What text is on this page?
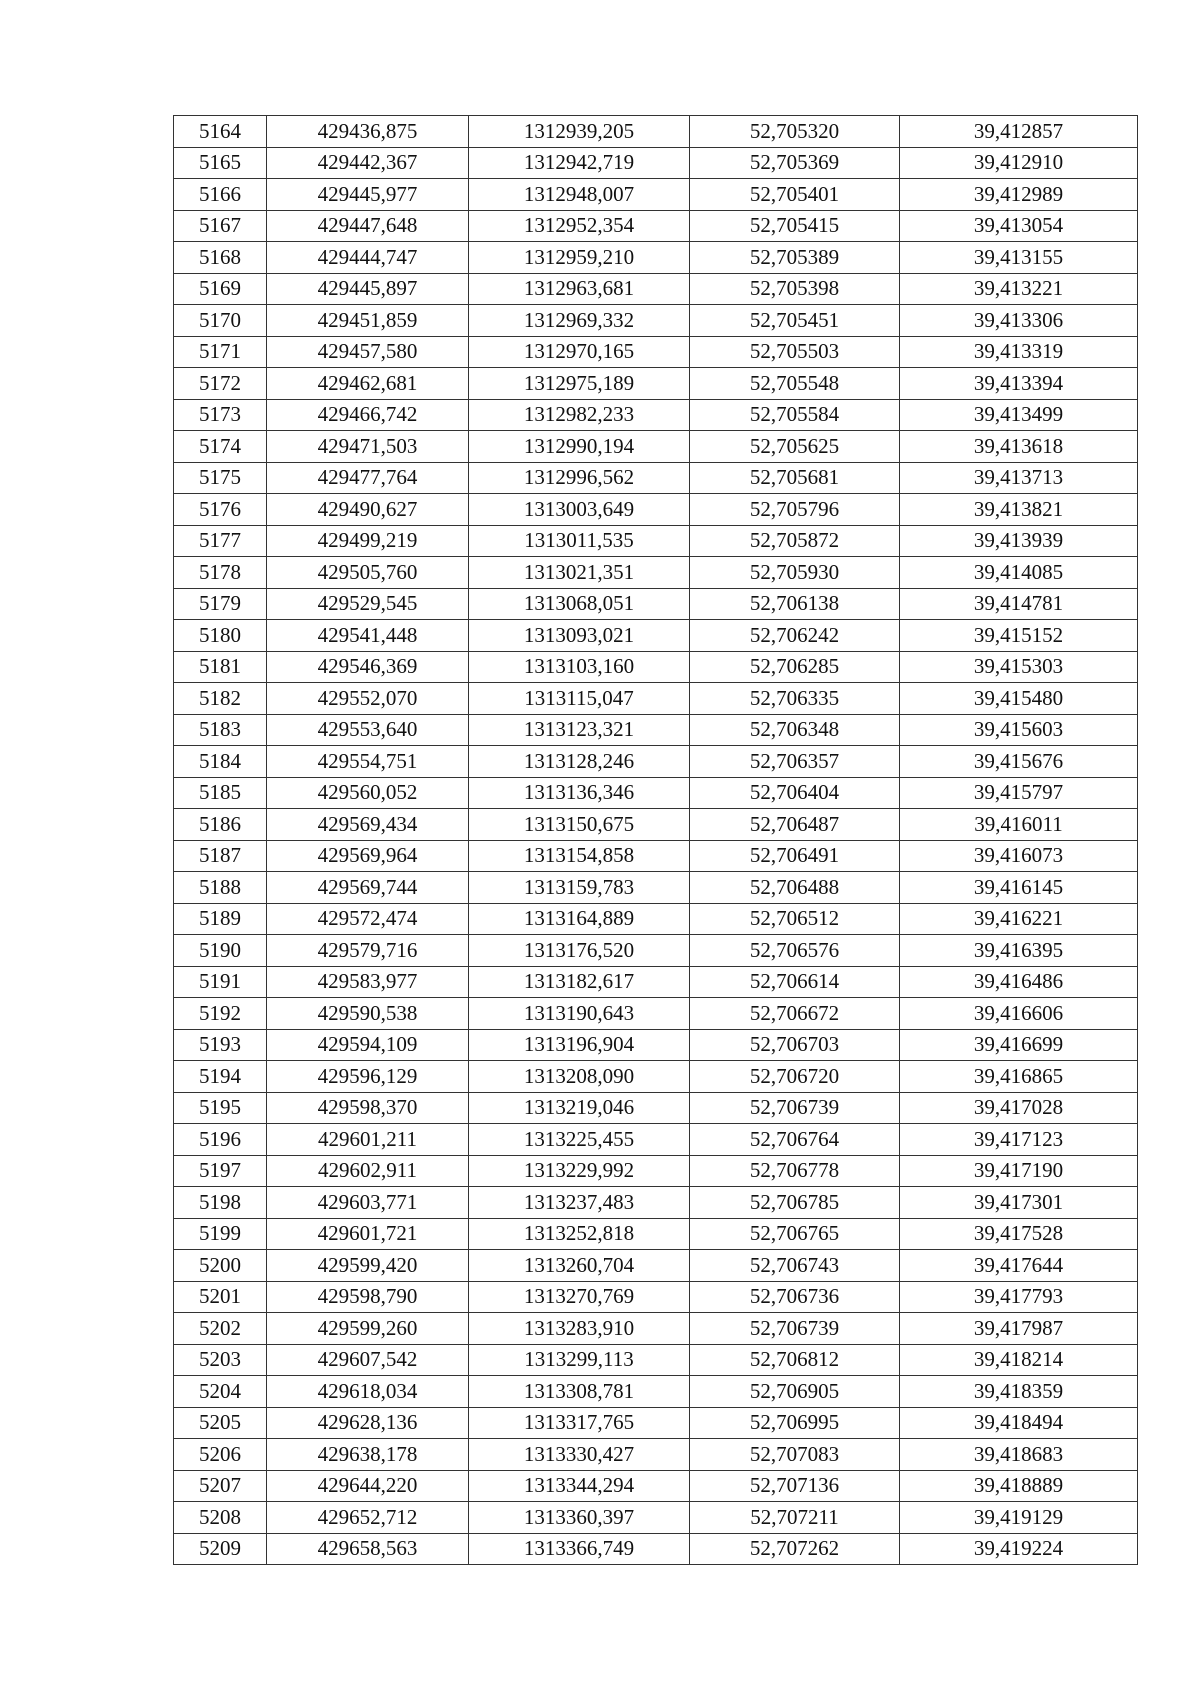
5164	429436,875	1312939,205	52,705320	39,412857
5165	429442,367	1312942,719	52,705369	39,412910
5166	429445,977	1312948,007	52,705401	39,412989
5167	429447,648	1312952,354	52,705415	39,413054
5168	429444,747	1312959,210	52,705389	39,413155
5169	429445,897	1312963,681	52,705398	39,413221
5170	429451,859	1312969,332	52,705451	39,413306
5171	429457,580	1312970,165	52,705503	39,413319
5172	429462,681	1312975,189	52,705548	39,413394
5173	429466,742	1312982,233	52,705584	39,413499
5174	429471,503	1312990,194	52,705625	39,413618
5175	429477,764	1312996,562	52,705681	39,413713
5176	429490,627	1313003,649	52,705796	39,413821
5177	429499,219	1313011,535	52,705872	39,413939
5178	429505,760	1313021,351	52,705930	39,414085
5179	429529,545	1313068,051	52,706138	39,414781
5180	429541,448	1313093,021	52,706242	39,415152
5181	429546,369	1313103,160	52,706285	39,415303
5182	429552,070	1313115,047	52,706335	39,415480
5183	429553,640	1313123,321	52,706348	39,415603
5184	429554,751	1313128,246	52,706357	39,415676
5185	429560,052	1313136,346	52,706404	39,415797
5186	429569,434	1313150,675	52,706487	39,416011
5187	429569,964	1313154,858	52,706491	39,416073
5188	429569,744	1313159,783	52,706488	39,416145
5189	429572,474	1313164,889	52,706512	39,416221
5190	429579,716	1313176,520	52,706576	39,416395
5191	429583,977	1313182,617	52,706614	39,416486
5192	429590,538	1313190,643	52,706672	39,416606
5193	429594,109	1313196,904	52,706703	39,416699
5194	429596,129	1313208,090	52,706720	39,416865
5195	429598,370	1313219,046	52,706739	39,417028
5196	429601,211	1313225,455	52,706764	39,417123
5197	429602,911	1313229,992	52,706778	39,417190
5198	429603,771	1313237,483	52,706785	39,417301
5199	429601,721	1313252,818	52,706765	39,417528
5200	429599,420	1313260,704	52,706743	39,417644
5201	429598,790	1313270,769	52,706736	39,417793
5202	429599,260	1313283,910	52,706739	39,417987
5203	429607,542	1313299,113	52,706812	39,418214
5204	429618,034	1313308,781	52,706905	39,418359
5205	429628,136	1313317,765	52,706995	39,418494
5206	429638,178	1313330,427	52,707083	39,418683
5207	429644,220	1313344,294	52,707136	39,418889
5208	429652,712	1313360,397	52,707211	39,419129
5209	429658,563	1313366,749	52,707262	39,419224
